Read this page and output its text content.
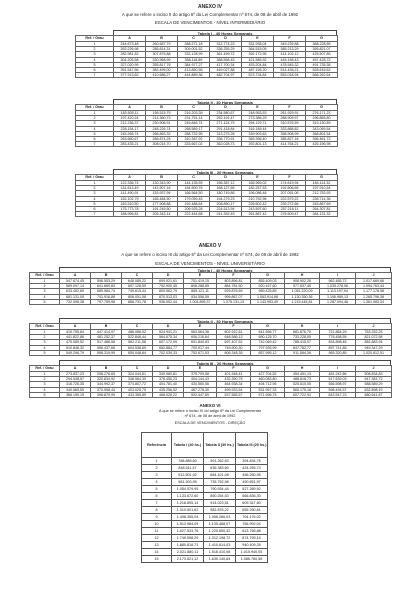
ANEXO IV
A que se refere o inciso II do artigo 6º da Lei Complementar nº 674, de 08 de abril de 1992
ESCALA DE VENCIMENTOS - NÍVEL INTERMEDIÁRIO
Tabela I - 40 Horas Semanais
Ref. / Grau	A	B	C	D	E	F	G
1	244.673,48	260.687,79	288.271,18	312.774,23	331.938,04	349.239,88	368.228,65
2	263.226,98	285.814,31	309.001,52	336.255,29	364.515,05	385.213,29	395.821,07
3	282.981,82	307.875,88	333.128,99	361.499,72	392.172,95	414.102,12	425.507,85
4	304.205,58	330.968,99	358.118,89	388.558,45	421.585,92	445.158,43	457.428,72
5	327.020,99	355.817,76	384.977,27	417.700,34	453.204,84	478.545,32	491.735,38
6	351.547,56	382.499,00	413.850,56	449.027,88	487.195,20	514.436,21	528.615,62
7	377.913,62	410.686,27	444.889,36	482.704,97	523.734,84	553.018,94	568.262,64
Tabela II - 30 Horas Semanais
Ref. / Grau	A	B	C	D	E	F	G
1	183.505,11	195.515,79	216.203,39	234.580,67	248.953,53	261.929,91	276.171,23
2	197.420,24	214.360,73	231.751,14	252.191,47	273.386,29	288.909,97	296.865,80
3	212.236,37	230.906,91	249.846,74	271.124,79	294.129,71	310.576,59	319.130,89
4	228.154,17	248.226,74	268.589,17	291.418,84	316.189,44	333.868,82	343.069,54
5	245.265,74	266.863,32	288.732,95	313.275,26	339.903,63	358.908,99	368.801,54
6	263.660,67	286.874,25	310.387,92	336.770,91	365.396,40	385.827,16	396.461,72
7	283.435,21	308.014,70	333.667,02	362.028,73	392.801,13	414.764,21	426.196,98
Tabela III - 20 Horas Semanais
Ref. / Grau	A	B	C	D	E	F	G
1	122.336,74	130.343,90	144.135,59	156.387,12	165.969,02	174.619,94	184.114,32
2	131.613,49	142.907,16	154.500,76	168.127,65	182.257,53	192.606,65	197.910,54
3	141.490,91	153.937,94	166.564,50	180.749,86	196.086,48	207.051,06	212.753,93
4	152.102,79	165.484,50	179.059,45	194.279,23	210.792,96	222.579,22	228.714,36
5	163.510,50	177.908,88	192.488,64	208.850,17	226.602,42	239.272,66	245.867,69
6	175.773,78	191.249,50	206.925,28	224.513,94	243.597,60	257.218,11	264.307,81
7	188.956,81	205.343,14	222.444,68	241.352,49	261.867,42	276.509,47	284.131,32
ANEXO V
A que se refere o inciso III do artigo 6º da Lei Complementar nº 674, de 08 de abril de 1992
ESCALA DE VENCIMENTOS - NÍVEL UNIVERSITÁRIO
Tabela I - 40 Horas Semanais
Ref. / Grau	A	B	C	D	E	F	G	H	I	J
1	547.674,45	596.553,29	648.089,22	699.921,61	751.419,15	803.896,81	855.409,03	908.902,26	962.485,72	1.017.669,66
2	589.097,14	641.669,83	697.128,59	752.900,45	808.288,85	864.781,50	920.167,60	977.637,45	1.035.278,06	1.094.763,44
3	633.452,69	689.984,74	749.615,44	809.562,79	869.121,11	929.876,69	989.425,89	1.051.220,09	1.113.197,94	1.177.178,58
4	681.131,09	741.916,88	806.051,58	870.513,03	934.556,59	999.867,07	1.063.914,66	1.130.350,36	1.196.989,13	1.265.796,38
5	732.398,38	797.759,98	866.731,78	936.052,44	1.004.895,37	1.075.131,13	1.143.993,49	1.215.445,81	1.287.094,46	1.361.083,34
Tabela II - 30 Horas Semanais
Ref. / Grau	A	B	C	D	E	F	G	H	I	J
1	410.755,84	447.414,97	486.066,92	524.941,21	563.564,36	602.922,61	641.556,77	681.676,70	721.864,29	763.252,25
2	441.822,86	481.252,37	522.846,44	564.675,34	606.216,64	648.586,13	690.125,70	733.228,09	776.458,55	821.072,58
3	475.089,52	517.488,56	562.211,58	607.172,09	651.840,83	697.407,52	742.069,42	788.415,07	834.898,46	882.883,94
4	510.848,32	556.437,66	604.538,69	652.884,77	700.917,44	749.900,30	797.935,99	847.762,77	897.741,85	949.347,29
5	549.298,79	598.319,99	650.048,84	702.039,33	753.671,53	806.348,35	857.995,12	911.584,36	965.320,85	1.020.812,51
Tabela III - 20 Horas Semanais
Ref. / Grau	A	B	C	D	E	F	G	H	I	J
1	273.837,23	298.276,65	324.044,61	349.960,81	375.709,58	401.948,41	427.704,52	454.451,13	481.242,86	508.834,83
2	294.548,57	320.834,92	348.564,30	376.450,23	404.144,43	432.390,75	460.083,80	488.818,73	517.639,03	547.381,72
3	316.726,35	344.992,37	374.807,72	404.781,40	434.560,56	464.938,34	494.712,95	525.610,05	556.598,97	588.589,29
4	340.565,55	370.958,44	403.025,79	435.256,52	467.278,30	499.933,54	531.957,33	565.175,18	598.494,57	632.898,19
5	366.199,19	398.879,99	433.365,89	468.026,22	502.447,69	537.565,57	571.996,75	607.722,91	643.547,23	680.541,67
ANEXO VI
A que se refere o inciso IV do artigo 6º da Lei Complementar
nº 674, de 08 de abril de 1992
ESCALA DE VENCIMENTOS - DIREÇÃO
Referência	Tabela I (40 hs.)	Tabela II (30 hs.)	Tabela III (20 hs.)
1	788.889,60	591.262,63	394.834,76
2	848.511,47	636.383,60	424.255,73
3	912.501,92	684.421,08	456.250,95
4	981.303,95	735.752,96	490.651,97
5	1.054.579,95	790.934,44	527.289,92
6	1.133.672,60	850.254,53	566.836,30
7	1.218.895,14	914.023,51	609.347,60
8	1.310.501,62	982.876,22	655.250,81
9	1.408.355,04	1.056.266,03	704.176,02
10	1.513.984,09	1.135.488,07	756.992,04
11	1.627.533,76	1.220.650,32	813.766,88
12	1.749.598,29	1.312.198,72	874.799,14
13	1.880.818,71	1.410.614,03	940.409,35
14	2.021.880,11	1.516.410,08	1.010.940,05
15	2.173.521,12	1.630.140,84	1.086.760,56
